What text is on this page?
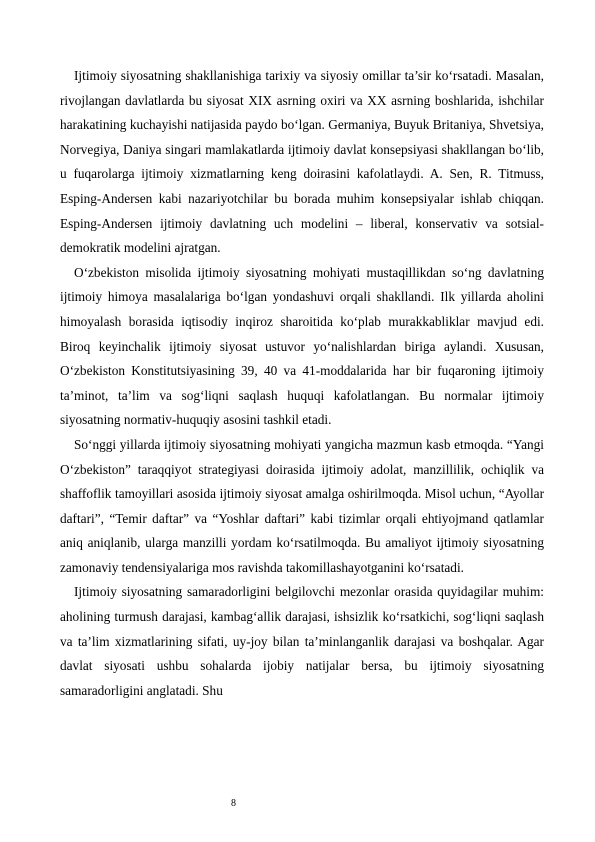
Ijtimoiy siyosatning shakllanishiga tarixiy va siyosiy omillar ta’sir ko‘rsatadi. Masalan, rivojlangan davlatlarda bu siyosat XIX asrning oxiri va XX asrning boshlarida, ishchilar harakatining kuchayishi natijasida paydo bo‘lgan. Germaniya, Buyuk Britaniya, Shvetsiya, Norvegiya, Daniya singari mamlakatlarda ijtimoiy davlat konsepsiyasi shakllangan bo‘lib, u fuqarolarga ijtimoiy xizmatlarning keng doirasini kafolatlaydi. A. Sen, R. Titmuss, Esping-Andersen kabi nazariyotchilar bu borada muhim konsepsiyalar ishlab chiqqan. Esping-Andersen ijtimoiy davlatning uch modelini – liberal, konservativ va sotsial-demokratik modelini ajratgan.

O‘zbekiston misolida ijtimoiy siyosatning mohiyati mustaqillikdan so‘ng davlatning ijtimoiy himoya masalalariga bo‘lgan yondashuvi orqali shakllandi. Ilk yillarda aholini himoyalash borasida iqtisodiy inqiroz sharoitida ko‘plab murakkabliklar mavjud edi. Biroq keyinchalik ijtimoiy siyosat ustuvor yo‘nalishlardan biriga aylandi. Xususan, O‘zbekiston Konstitutsiyasining 39, 40 va 41-moddalarida har bir fuqaroning ijtimoiy ta’minot, ta’lim va sog‘liqni saqlash huquqi kafolatlangan. Bu normalar ijtimoiy siyosatning normativ-huquqiy asosini tashkil etadi.

So‘nggi yillarda ijtimoiy siyosatning mohiyati yangicha mazmun kasb etmoqda. “Yangi O‘zbekiston” taraqqiyot strategiyasi doirasida ijtimoiy adolat, manzillilik, ochiqlik va shaffoflik tamoyillari asosida ijtimoiy siyosat amalga oshirilmoqda. Misol uchun, “Ayollar daftari”, “Temir daftar” va “Yoshlar daftari” kabi tizimlar orqali ehtiyojmand qatlamlar aniq aniqlanib, ularga manzilli yordam ko‘rsatilmoqda. Bu amaliyot ijtimoiy siyosatning zamonaviy tendensiyalariga mos ravishda takomillashayotganini ko‘rsatadi.

Ijtimoiy siyosatning samaradorligini belgilovchi mezonlar orasida quyidagilar muhim: aholining turmush darajasi, kambag‘allik darajasi, ishsizlik ko‘rsatkichi, sog‘liqni saqlash va ta’lim xizmatlarining sifati, uy-joy bilan ta’minlanganlik darajasi va boshqalar. Agar davlat siyosati ushbu sohalarda ijobiy natijalar bersa, bu ijtimoiy siyosatning samaradorligini anglatadi. Shu

8
